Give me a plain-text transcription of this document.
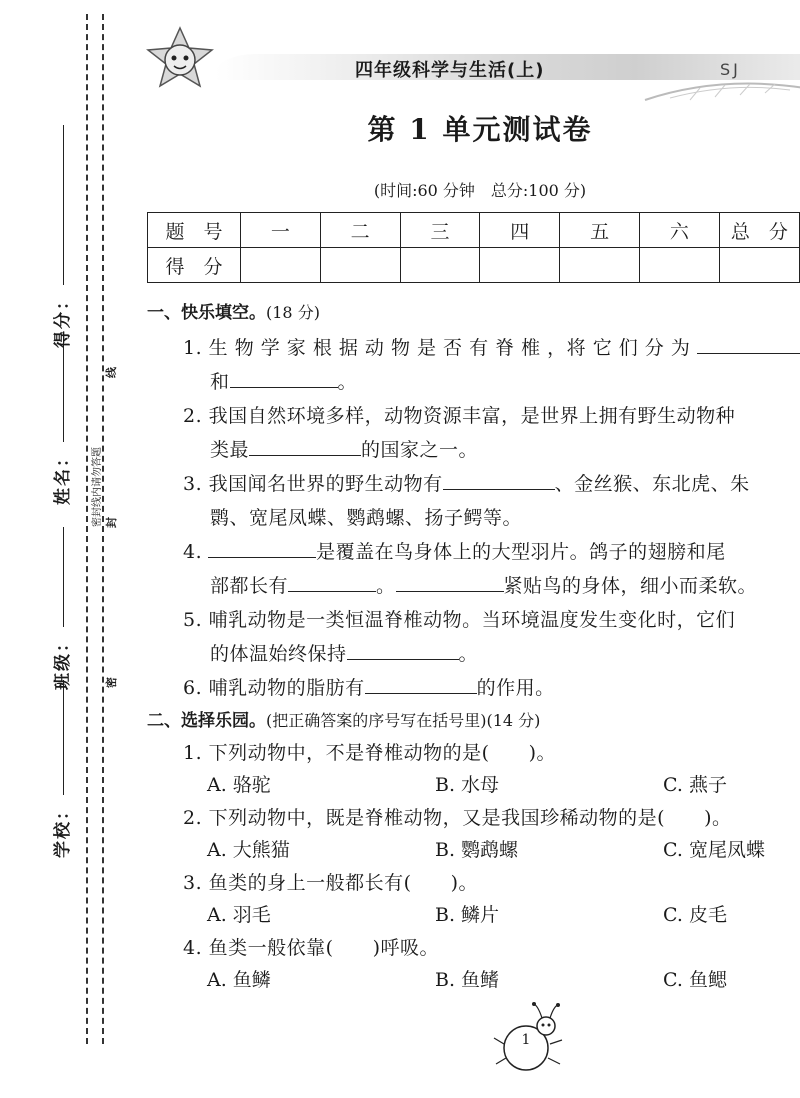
学校：
班级：
姓名：
得分：
密封线内请勿答题
密
封
线
四年级科学与生活(上)	SJ
第 1 单元测试卷
(时间:60 分钟　总分:100 分)
题　号	一	二	三	四	五	六	总　分
得　分							
一、快乐填空。(18 分)
1. 生 物 学 家 根 据 动 物 是 否 有 脊 椎 ，将 它 们 分 为
和	。
2. 我国自然环境多样，动物资源丰富，是世界上拥有野生动物种
类最	的国家之一。
3. 我国闻名世界的野生动物有	、金丝猴、东北虎、朱
鹮、宽尾凤蝶、鹦鹉螺、扬子鳄等。
4.	是覆盖在鸟身体上的大型羽片。鸽子的翅膀和尾
部都长有	。	紧贴鸟的身体，细小而柔软。
5. 哺乳动物是一类恒温脊椎动物。当环境温度发生变化时，它们
的体温始终保持	。
6. 哺乳动物的脂肪有	的作用。
二、选择乐园。(把正确答案的序号写在括号里)(14 分)
1. 下列动物中，不是脊椎动物的是(　　)。
A. 骆驼	B. 水母	C. 燕子
2. 下列动物中，既是脊椎动物，又是我国珍稀动物的是(　　)。
A. 大熊猫	B. 鹦鹉螺	C. 宽尾凤蝶
3. 鱼类的身上一般都长有(　　)。
A. 羽毛	B. 鳞片	C. 皮毛
4. 鱼类一般依靠(　　)呼吸。
A. 鱼鳞	B. 鱼鳍	C. 鱼鳃
1
